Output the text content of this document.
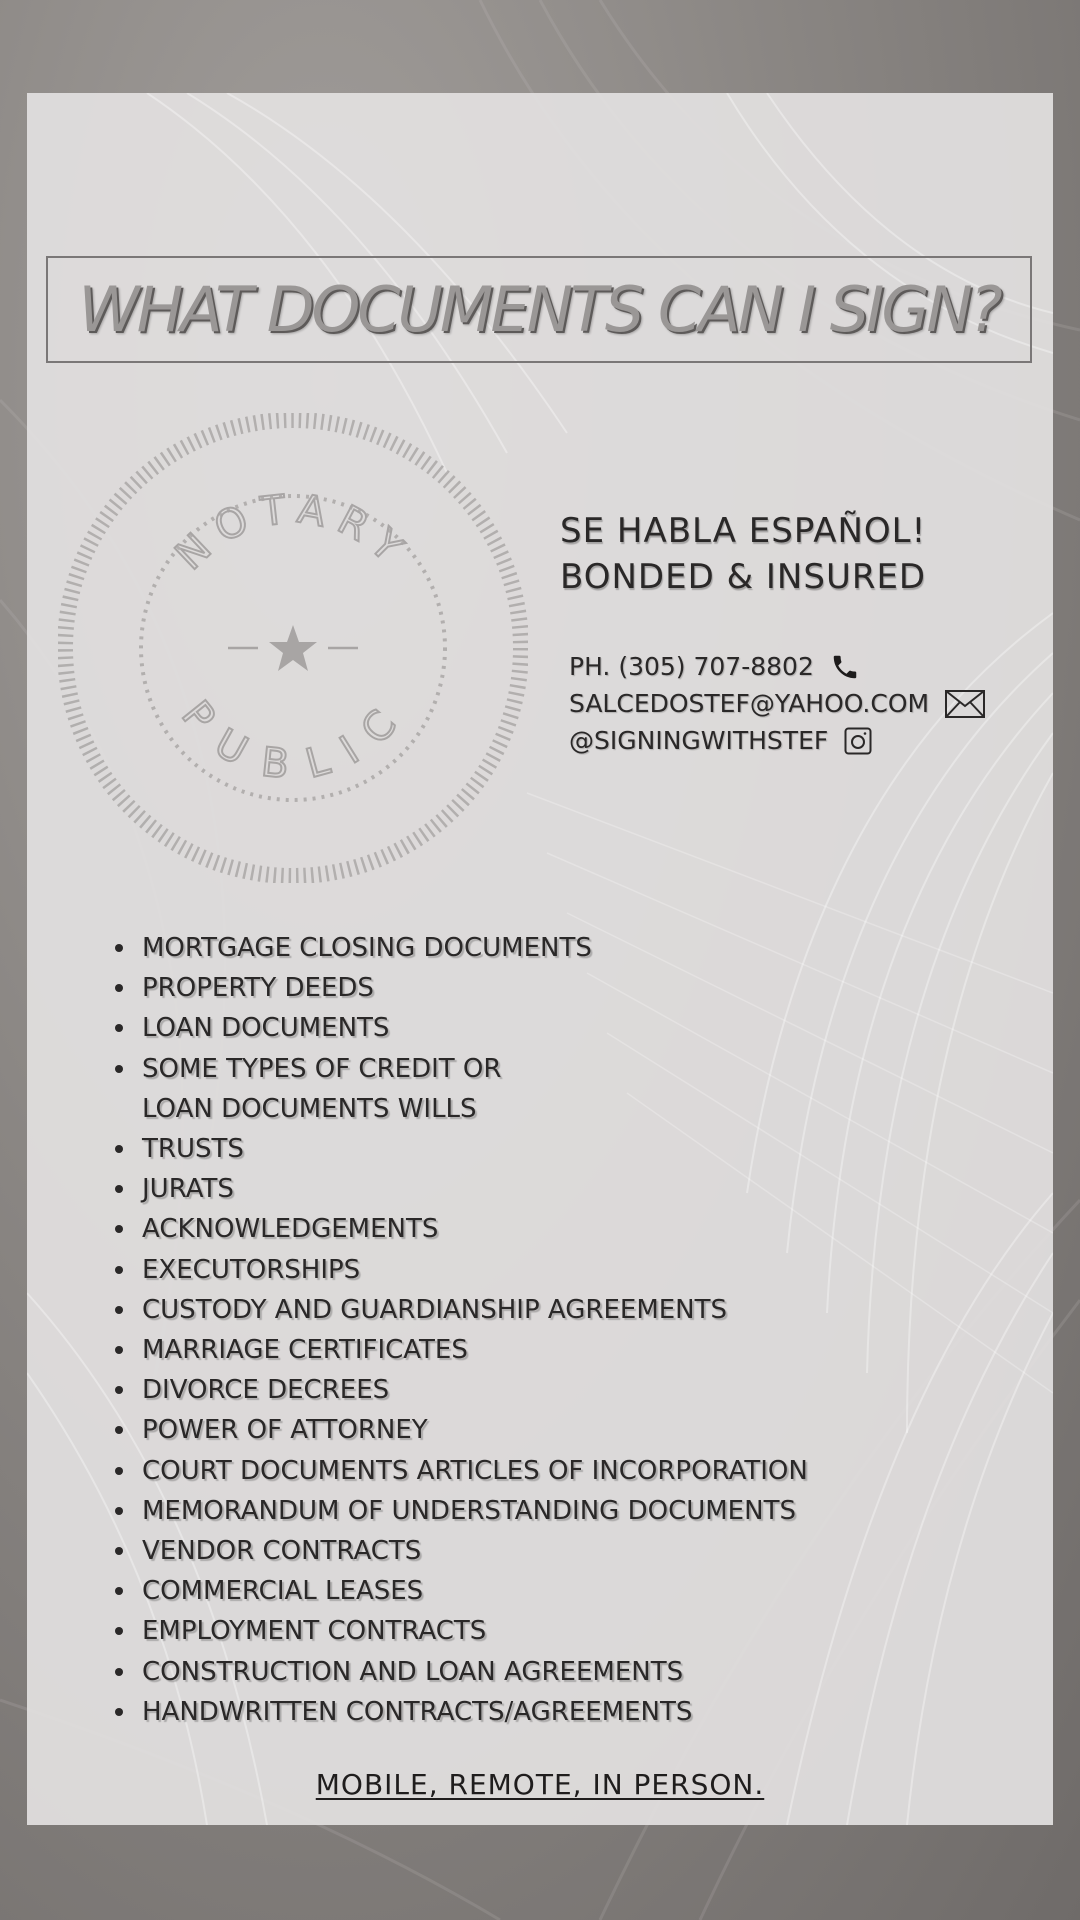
WHAT DOCUMENTS CAN I SIGN?
NOTARY
PUBLIC
SE HABLA ESPAÑOL!
BONDED & INSURED
PH. (305) 707-8802
SALCEDOSTEF@YAHOO.COM
@SIGNINGWITHSTEF
MORTGAGE CLOSING DOCUMENTS
PROPERTY DEEDS
LOAN DOCUMENTS
SOME TYPES OF CREDIT OR
LOAN DOCUMENTS WILLS
TRUSTS
JURATS
ACKNOWLEDGEMENTS
EXECUTORSHIPS
CUSTODY AND GUARDIANSHIP AGREEMENTS
MARRIAGE CERTIFICATES
DIVORCE DECREES
POWER OF ATTORNEY
COURT DOCUMENTS ARTICLES OF INCORPORATION
MEMORANDUM OF UNDERSTANDING DOCUMENTS
VENDOR CONTRACTS
COMMERCIAL LEASES
EMPLOYMENT CONTRACTS
CONSTRUCTION AND LOAN AGREEMENTS
HANDWRITTEN CONTRACTS/AGREEMENTS
MOBILE, REMOTE, IN PERSON.
